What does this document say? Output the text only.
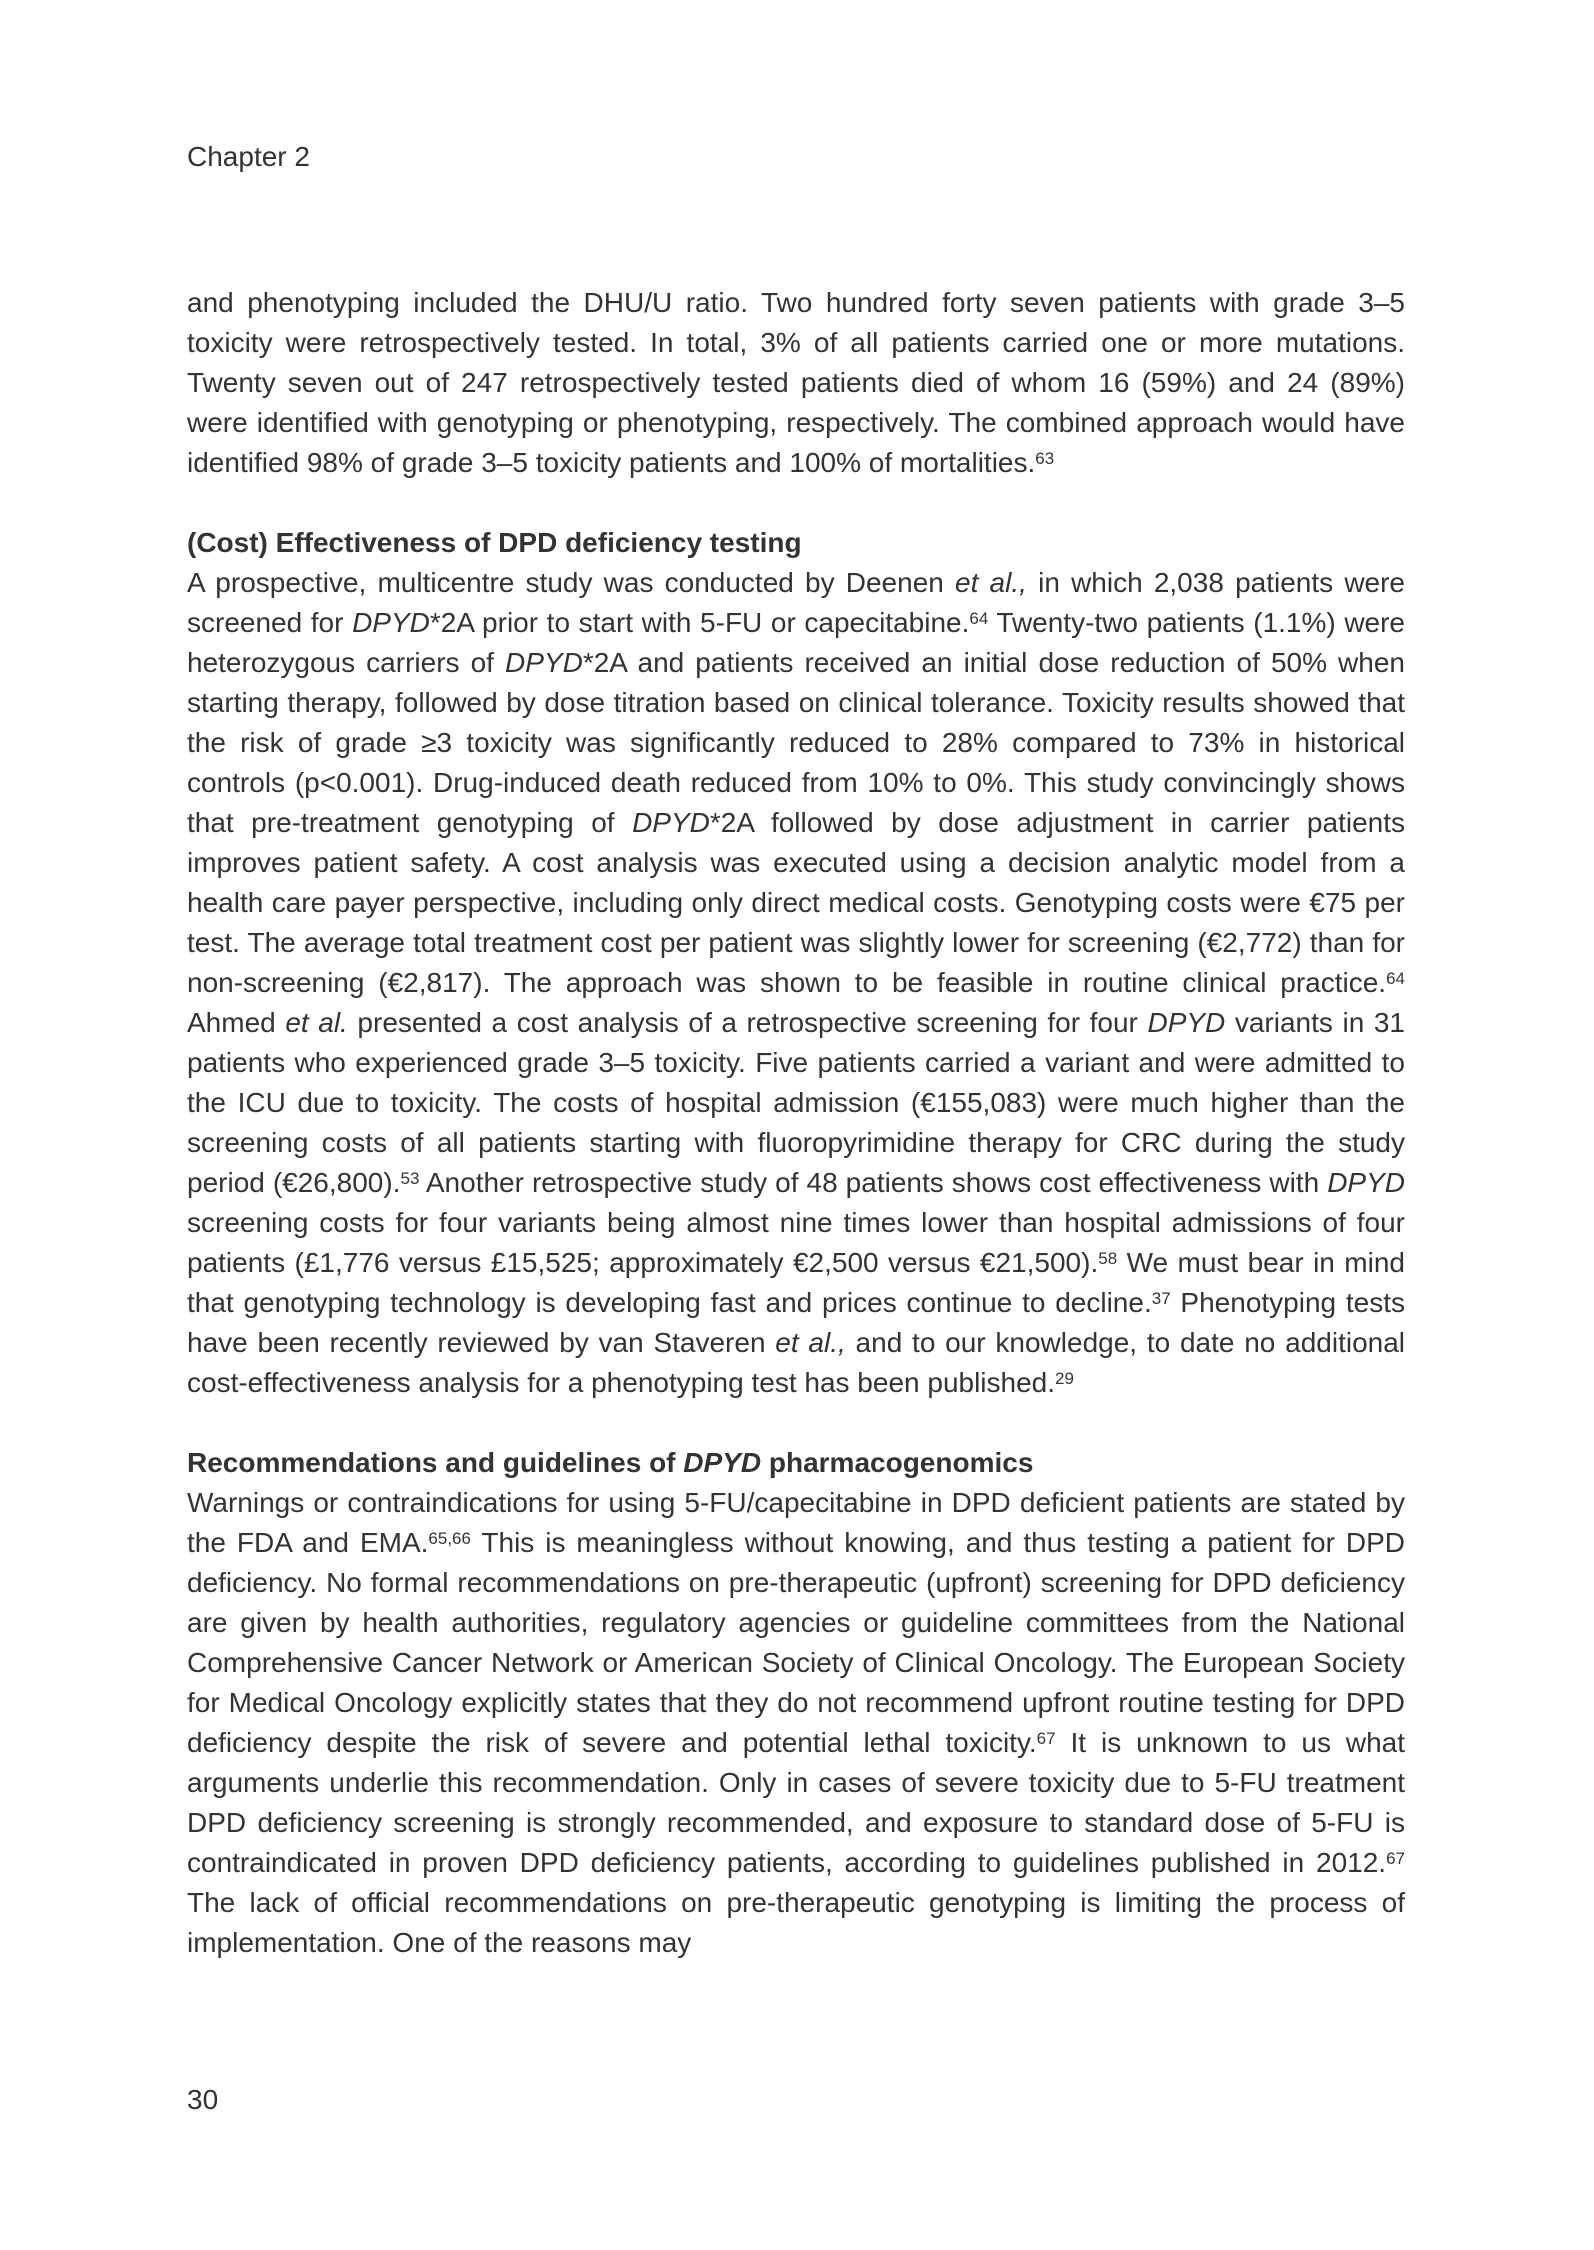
Chapter 2

and phenotyping included the DHU/U ratio. Two hundred forty seven patients with grade 3–5 toxicity were retrospectively tested. In total, 3% of all patients carried one or more mutations. Twenty seven out of 247 retrospectively tested patients died of whom 16 (59%) and 24 (89%) were identified with genotyping or phenotyping, respectively. The combined approach would have identified 98% of grade 3–5 toxicity patients and 100% of mortalities.$^{63}$

(Cost) Effectiveness of DPD deficiency testing

A prospective, multicentre study was conducted by Deenen et al., in which 2,038 patients were screened for DPYD*2A prior to start with 5-FU or capecitabine.$^{64}$ Twenty-two patients (1.1%) were heterozygous carriers of DPYD*2A and patients received an initial dose reduction of 50% when starting therapy, followed by dose titration based on clinical tolerance. Toxicity results showed that the risk of grade ≥3 toxicity was significantly reduced to 28% compared to 73% in historical controls (p<0.001). Drug-induced death reduced from 10% to 0%. This study convincingly shows that pre-treatment genotyping of DPYD*2A followed by dose adjustment in carrier patients improves patient safety. A cost analysis was executed using a decision analytic model from a health care payer perspective, including only direct medical costs. Genotyping costs were €75 per test. The average total treatment cost per patient was slightly lower for screening (€2,772) than for non-screening (€2,817). The approach was shown to be feasible in routine clinical practice.$^{64}$ Ahmed et al. presented a cost analysis of a retrospective screening for four DPYD variants in 31 patients who experienced grade 3–5 toxicity. Five patients carried a variant and were admitted to the ICU due to toxicity. The costs of hospital admission (€155,083) were much higher than the screening costs of all patients starting with fluoropyrimidine therapy for CRC during the study period (€26,800).$^{53}$ Another retrospective study of 48 patients shows cost effectiveness with DPYD screening costs for four variants being almost nine times lower than hospital admissions of four patients (£1,776 versus £15,525; approximately €2,500 versus €21,500).$^{58}$ We must bear in mind that genotyping technology is developing fast and prices continue to decline.$^{37}$ Phenotyping tests have been recently reviewed by van Staveren et al., and to our knowledge, to date no additional cost-effectiveness analysis for a phenotyping test has been published.$^{29}$

Recommendations and guidelines of DPYD pharmacogenomics

Warnings or contraindications for using 5-FU/capecitabine in DPD deficient patients are stated by the FDA and EMA.$^{65,66}$ This is meaningless without knowing, and thus testing a patient for DPD deficiency. No formal recommendations on pre-therapeutic (upfront) screening for DPD deficiency are given by health authorities, regulatory agencies or guideline committees from the National Comprehensive Cancer Network or American Society of Clinical Oncology. The European Society for Medical Oncology explicitly states that they do not recommend upfront routine testing for DPD deficiency despite the risk of severe and potential lethal toxicity.$^{67}$ It is unknown to us what arguments underlie this recommendation. Only in cases of severe toxicity due to 5-FU treatment DPD deficiency screening is strongly recommended, and exposure to standard dose of 5-FU is contraindicated in proven DPD deficiency patients, according to guidelines published in 2012.67 The lack of official recommendations on pre-therapeutic genotyping is limiting the process of implementation. One of the reasons may

30
